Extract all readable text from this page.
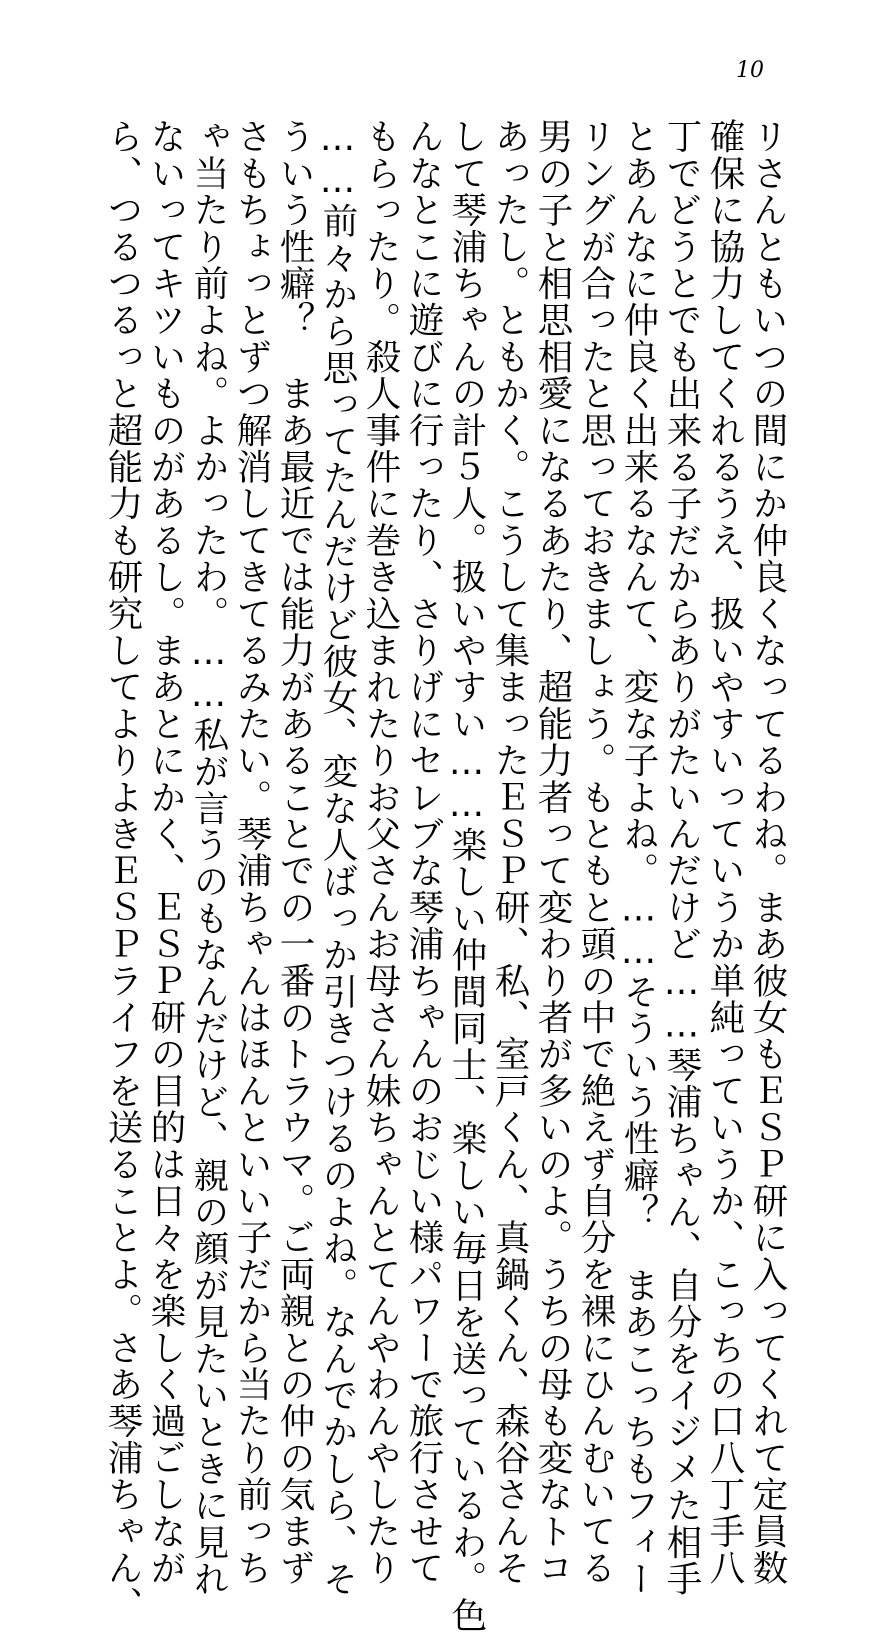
10
リさんともいつの間にか仲良くなってるわね。まあ彼女もＥＳＰ研に入ってくれて定員数
確保に協力してくれるうえ、扱いやすいっていうか単純っていうか、こっちの口八丁手八
丁でどうとでも出来る子だからありがたいんだけど……琴浦ちゃん、自分をイジメた相手
とあんなに仲良く出来るなんて、変な子よね。……そういう性癖？　まあこっちもフィー
リングが合ったと思っておきましょう。もともと頭の中で絶えず自分を裸にひんむいてる
男の子と相思相愛になるあたり、超能力者って変わり者が多いのよ。うちの母も変なトコ
あったし。ともかく。こうして集まったＥＳＰ研、私、室戸くん、真鍋くん、森谷さんそ
して琴浦ちゃんの計５人。扱いやすい……楽しい仲間同士、楽しい毎日を送っているわ。色
んなとこに遊びに行ったり、さりげにセレブな琴浦ちゃんのおじい様パワーで旅行させて
もらったり。殺人事件に巻き込まれたりお父さんお母さん妹ちゃんとてんやわんやしたり
……前々から思ってたんだけど彼女、変な人ばっか引きつけるのよね。なんでかしら、そ
ういう性癖？　まあ最近では能力があることでの一番のトラウマ。ご両親との仲の気まず
さもちょっとずつ解消してきてるみたい。琴浦ちゃんはほんといい子だから当たり前っち
ゃ当たり前よね。よかったわ。……私が言うのもなんだけど、親の顔が見たいときに見れ
ないってキツいものがあるし。まあとにかく、ＥＳＰ研の目的は日々を楽しく過ごしなが
ら、つるつるっと超能力も研究してよりよきＥＳＰライフを送ることよ。さあ琴浦ちゃん、
